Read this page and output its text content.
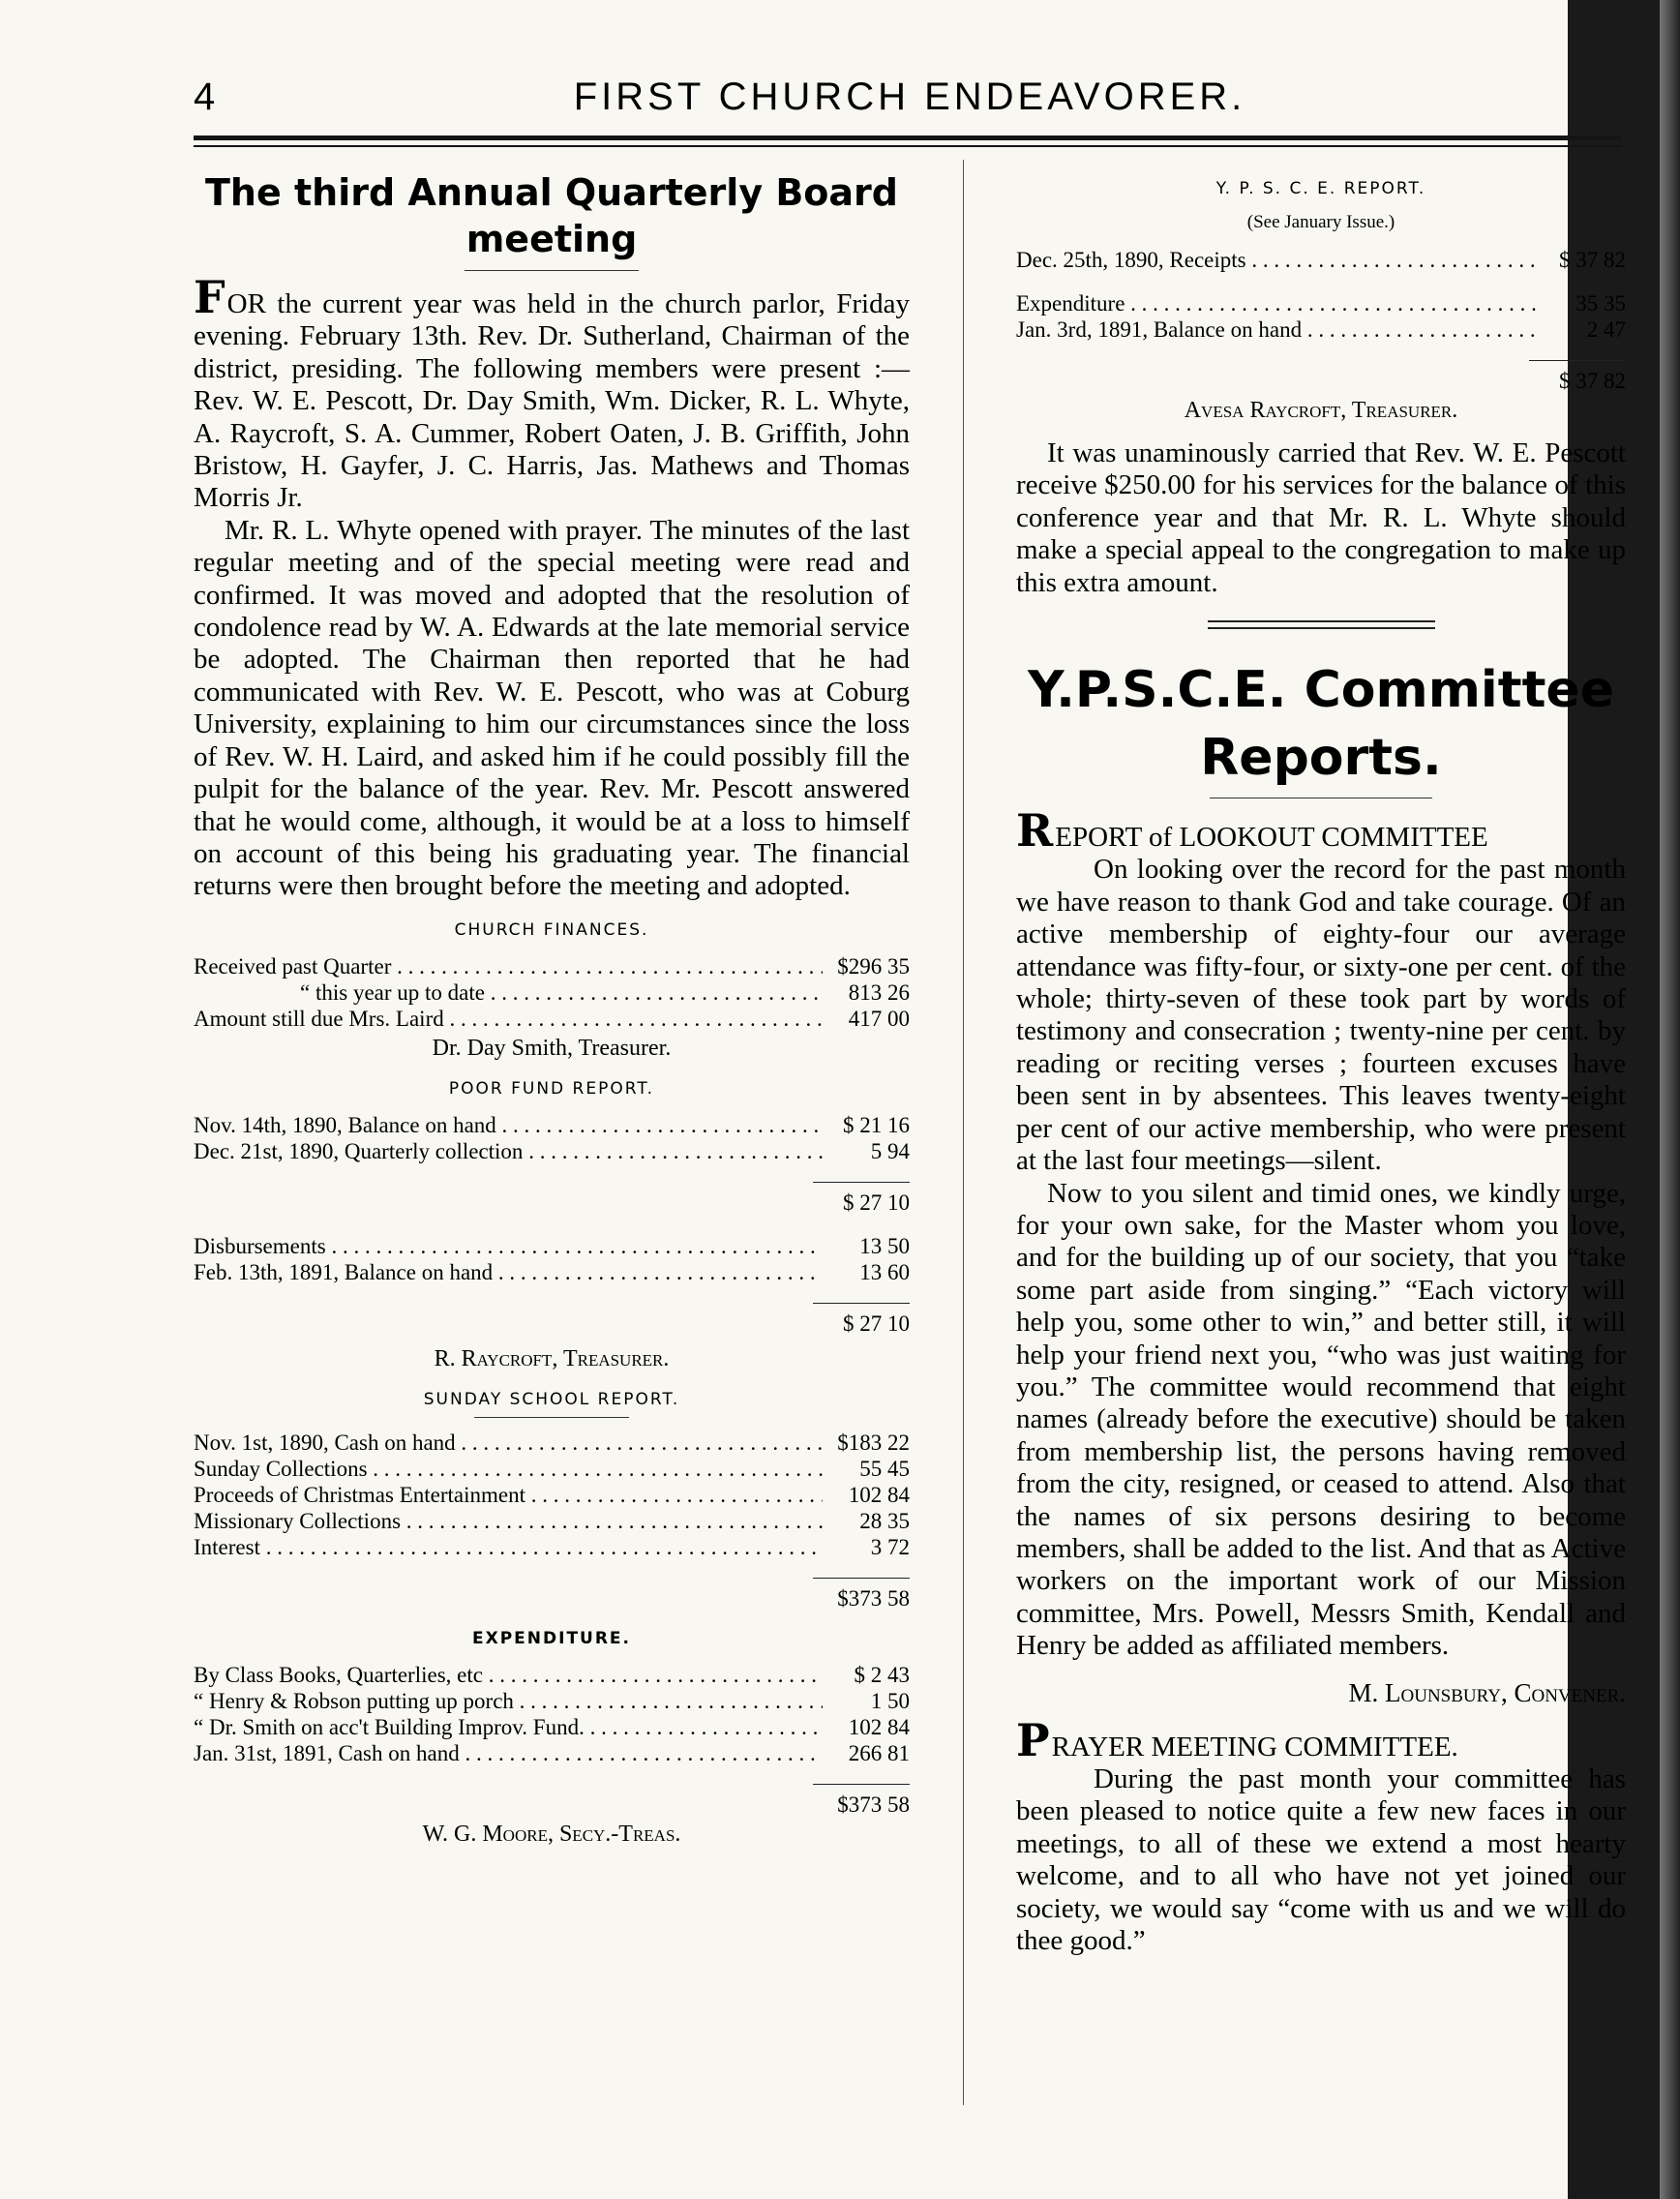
4	FIRST CHURCH ENDEAVORER.
The third Annual Quarterly Board
meeting

FOR the current year was held in the church parlor, Friday evening. February 13th. Rev. Dr. Sutherland, Chairman of the district, presiding. The following members were present :—Rev. W. E. Pescott, Dr. Day Smith, Wm. Dicker, R. L. Whyte, A. Raycroft, S. A. Cummer, Robert Oaten, J. B. Griffith, John Bristow, H. Gayfer, J. C. Harris, Jas. Mathews and Thomas Morris Jr.

Mr. R. L. Whyte opened with prayer. The minutes of the last regular meeting and of the special meeting were read and confirmed. It was moved and adopted that the resolution of condolence read by W. A. Edwards at the late memorial service be adopted. The Chairman then reported that he had communicated with Rev. W. E. Pescott, who was at Coburg University, explaining to him our circumstances since the loss of Rev. W. H. Laird, and asked him if he could possibly fill the pulpit for the balance of the year. Rev. Mr. Pescott answered that he would come, although, it would be at a loss to himself on account of this being his graduating year. The financial returns were then brought before the meeting and adopted.

CHURCH FINANCES.
Received past Quarter . . .	$296 35
“ this year up to date . . .	813 26
Amount still due Mrs. Laird . . .	417 00
Dr. Day Smith, Treasurer.
POOR FUND REPORT.
Nov. 14th, 1890, Balance on hand . . .	$ 21 16
Dec. 21st, 1890, Quarterly collection . . .	5 94
$ 27 10
Disbursements . . .	13 50
Feb. 13th, 1891, Balance on hand . . .	13 60
$ 27 10
R. Raycroft, Treasurer.
SUNDAY SCHOOL REPORT.
Nov. 1st, 1890, Cash on hand . . .	$183 22
Sunday Collections . . .	55 45
Proceeds of Christmas Entertainment . . .	102 84
Missionary Collections . . .	28 35
Interest . . .	3 72
$373 58
EXPENDITURE.
By Class Books, Quarterlies, etc . . .	$ 2 43
“ Henry & Robson putting up porch . . .	1 50
“ Dr. Smith on acc't Building Improv. Fund. . . .	102 84
Jan. 31st, 1891, Cash on hand . . .	266 81
$373 58
W. G. Moore, Secy.-Treas.
Y. P. S. C. E. REPORT.
(See January Issue.)
Dec. 25th, 1890, Receipts . . .	$ 37 82
Expenditure . . .	35 35
Jan. 3rd, 1891, Balance on hand . . .	2 47
$ 37 82
Avesa Raycroft, Treasurer.

It was unaminously carried that Rev. W. E. Pescott receive $250.00 for his services for the balance of this conference year and that Mr. R. L. Whyte should make a special appeal to the congregation to make up this extra amount.

Y.P.S.C.E. Committee Reports.

REPORT of LOOKOUT COMMITTEE

On looking over the record for the past month we have reason to thank God and take courage. Of an active membership of eighty-four our average attendance was fifty-four, or sixty-one per cent. of the whole; thirty-seven of these took part by words of testimony and consecration ; twenty-nine per cent. by reading or reciting verses ; fourteen excuses have been sent in by absentees. This leaves twenty-eight per cent of our active membership, who were present at the last four meetings—silent.

Now to you silent and timid ones, we kindly urge, for your own sake, for the Master whom you love, and for the building up of our society, that you “take some part aside from singing.” “Each victory will help you, some other to win,” and better still, it will help your friend next you, “who was just waiting for you.” The committee would recommend that eight names (already before the executive) should be taken from membership list, the persons having removed from the city, resigned, or ceased to attend. Also that the names of six persons desiring to become members, shall be added to the list. And that as Active workers on the important work of our Mission committee, Mrs. Powell, Messrs Smith, Kendall and Henry be added as affiliated members.

M. Lounsbury, Convener.

PRAYER MEETING COMMITTEE.

During the past month your committee has been pleased to notice quite a few new faces in our meetings, to all of these we extend a most hearty welcome, and to all who have not yet joined our society, we would say “come with us and we will do thee good.”
